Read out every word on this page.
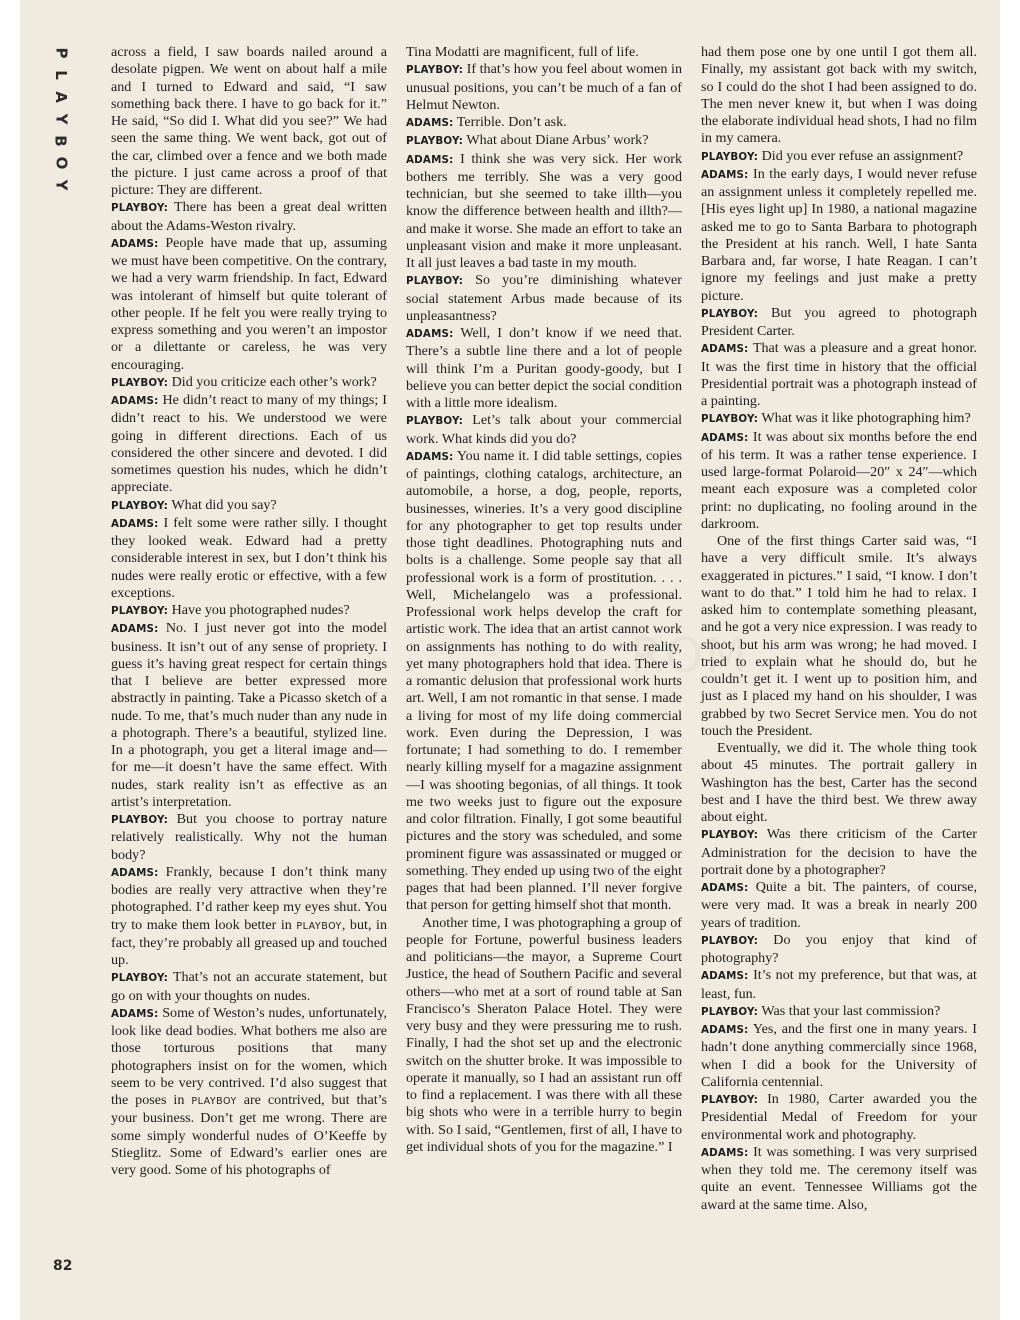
P
L
A
Y
B
O
Y
ROM

across a field, I saw boards nailed around a desolate pigpen. We went on about half a mile and I turned to Edward and said, “I saw something back there. I have to go back for it.” He said, “So did I. What did you see?” We had seen the same thing. We went back, got out of the car, climbed over a fence and we both made the picture. I just came across a proof of that picture: They are different.

PLAYBOY: There has been a great deal written about the Adams-Weston rivalry.

ADAMS: People have made that up, assuming we must have been competitive. On the contrary, we had a very warm friendship. In fact, Edward was intolerant of himself but quite tolerant of other people. If he felt you were really trying to express something and you weren’t an impostor or a dilettante or careless, he was very encouraging.

PLAYBOY: Did you criticize each other’s work?

ADAMS: He didn’t react to many of my things; I didn’t react to his. We understood we were going in different directions. Each of us considered the other sincere and devoted. I did sometimes question his nudes, which he didn’t appreciate.

PLAYBOY: What did you say?

ADAMS: I felt some were rather silly. I thought they looked weak. Edward had a pretty considerable interest in sex, but I don’t think his nudes were really erotic or effective, with a few exceptions.

PLAYBOY: Have you photographed nudes?

ADAMS: No. I just never got into the model business. It isn’t out of any sense of propriety. I guess it’s having great respect for certain things that I believe are better expressed more abstractly in painting. Take a Picasso sketch of a nude. To me, that’s much nuder than any nude in a photograph. There’s a beautiful, stylized line. In a photograph, you get a literal image and—for me—it doesn’t have the same effect. With nudes, stark reality isn’t as effective as an artist’s interpretation.

PLAYBOY: But you choose to portray nature relatively realistically. Why not the human body?

ADAMS: Frankly, because I don’t think many bodies are really very attractive when they’re photographed. I’d rather keep my eyes shut. You try to make them look better in PLAYBOY, but, in fact, they’re probably all greased up and touched up.

PLAYBOY: That’s not an accurate statement, but go on with your thoughts on nudes.

ADAMS: Some of Weston’s nudes, unfortunately, look like dead bodies. What bothers me also are those torturous positions that many photographers insist on for the women, which seem to be very contrived. I’d also suggest that the poses in PLAYBOY are contrived, but that’s your business. Don’t get me wrong. There are some simply wonderful nudes of O’Keeffe by Stieglitz. Some of Edward’s earlier ones are very good. Some of his photographs of

Tina Modatti are magnificent, full of life.

PLAYBOY: If that’s how you feel about women in unusual positions, you can’t be much of a fan of Helmut Newton.

ADAMS: Terrible. Don’t ask.

PLAYBOY: What about Diane Arbus’ work?

ADAMS: I think she was very sick. Her work bothers me terribly. She was a very good technician, but she seemed to take illth—you know the difference between health and illth?—and make it worse. She made an effort to take an unpleasant vision and make it more unpleasant. It all just leaves a bad taste in my mouth.

PLAYBOY: So you’re diminishing whatever social statement Arbus made because of its unpleasantness?

ADAMS: Well, I don’t know if we need that. There’s a subtle line there and a lot of people will think I’m a Puritan goody-goody, but I believe you can better depict the social condition with a little more idealism.

PLAYBOY: Let’s talk about your commercial work. What kinds did you do?

ADAMS: You name it. I did table settings, copies of paintings, clothing catalogs, architecture, an automobile, a horse, a dog, people, reports, businesses, wineries. It’s a very good discipline for any photographer to get top results under those tight deadlines. Photographing nuts and bolts is a challenge. Some people say that all professional work is a form of prostitution. . . . Well, Michelangelo was a professional. Professional work helps develop the craft for artistic work. The idea that an artist cannot work on assignments has nothing to do with reality, yet many photographers hold that idea. There is a romantic delusion that professional work hurts art. Well, I am not romantic in that sense. I made a living for most of my life doing commercial work. Even during the Depression, I was fortunate; I had something to do. I remember nearly killing myself for a magazine assignment—I was shooting begonias, of all things. It took me two weeks just to figure out the exposure and color filtration. Finally, I got some beautiful pictures and the story was scheduled, and some prominent figure was assassinated or mugged or something. They ended up using two of the eight pages that had been planned. I’ll never forgive that person for getting himself shot that month.

Another time, I was photographing a group of people for Fortune, powerful business leaders and politicians—the mayor, a Supreme Court Justice, the head of Southern Pacific and several others—who met at a sort of round table at San Francisco’s Sheraton Palace Hotel. They were very busy and they were pressuring me to rush. Finally, I had the shot set up and the electronic switch on the shutter broke. It was impossible to operate it manually, so I had an assistant run off to find a replacement. I was there with all these big shots who were in a terrible hurry to begin with. So I said, “Gentlemen, first of all, I have to get individual shots of you for the magazine.” I

had them pose one by one until I got them all. Finally, my assistant got back with my switch, so I could do the shot I had been assigned to do. The men never knew it, but when I was doing the elaborate individual head shots, I had no film in my camera.

PLAYBOY: Did you ever refuse an assignment?

ADAMS: In the early days, I would never refuse an assignment unless it completely repelled me. [His eyes light up] In 1980, a national magazine asked me to go to Santa Barbara to photograph the President at his ranch. Well, I hate Santa Barbara and, far worse, I hate Reagan. I can’t ignore my feelings and just make a pretty picture.

PLAYBOY: But you agreed to photograph President Carter.

ADAMS: That was a pleasure and a great honor. It was the first time in history that the official Presidential portrait was a photograph instead of a painting.

PLAYBOY: What was it like photographing him?

ADAMS: It was about six months before the end of his term. It was a rather tense experience. I used large-format Polaroid—20″ x 24″—which meant each exposure was a completed color print: no duplicating, no fooling around in the darkroom.

One of the first things Carter said was, “I have a very difficult smile. It’s always exaggerated in pictures.” I said, “I know. I don’t want to do that.” I told him he had to relax. I asked him to contemplate something pleasant, and he got a very nice expression. I was ready to shoot, but his arm was wrong; he had moved. I tried to explain what he should do, but he couldn’t get it. I went up to position him, and just as I placed my hand on his shoulder, I was grabbed by two Secret Service men. You do not touch the President.

Eventually, we did it. The whole thing took about 45 minutes. The portrait gallery in Washington has the best, Carter has the second best and I have the third best. We threw away about eight.

PLAYBOY: Was there criticism of the Carter Administration for the decision to have the portrait done by a photographer?

ADAMS: Quite a bit. The painters, of course, were very mad. It was a break in nearly 200 years of tradition.

PLAYBOY: Do you enjoy that kind of photography?

ADAMS: It’s not my preference, but that was, at least, fun.

PLAYBOY: Was that your last commission?

ADAMS: Yes, and the first one in many years. I hadn’t done anything commercially since 1968, when I did a book for the University of California centennial.

PLAYBOY: In 1980, Carter awarded you the Presidential Medal of Freedom for your environmental work and photography.

ADAMS: It was something. I was very surprised when they told me. The ceremony itself was quite an event. Tennessee Williams got the award at the same time. Also,

82
